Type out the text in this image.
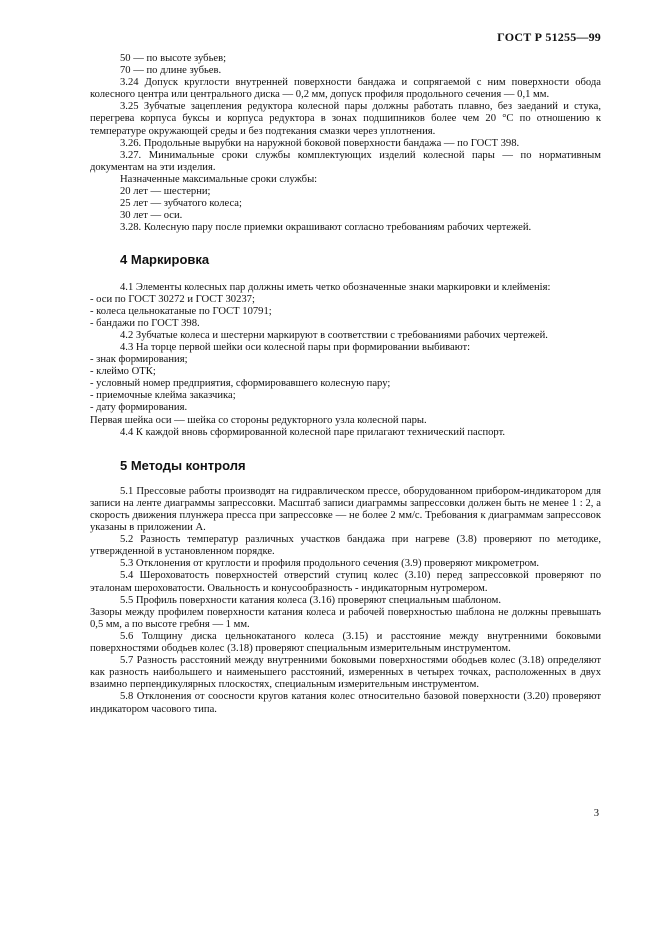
ГОСТ Р 51255—99

50 — по высоте зубьев;

70 — по длине зубьев.

3.24 Допуск круглости внутренней поверхности бандажа и сопрягаемой с ним поверхности обода колесного центра или центрального диска — 0,2 мм, допуск профиля продольного сечения — 0,1 мм.

3.25 Зубчатые зацепления редуктора колесной пары должны работать плавно, без заеданий и стука, перегрева корпуса буксы и корпуса редуктора в зонах подшипников более чем 20 °С по отношению к температуре окружающей среды и без подтекания смазки через уплотнения.

3.26. Продольные вырубки на наружной боковой поверхности бандажа — по ГОСТ 398.

3.27. Минимальные сроки службы комплектующих изделий колесной пары — по нормативным документам на эти изделия.

Назначенные максимальные сроки службы:

20 лет — шестерни;

25 лет — зубчатого колеса;

30 лет — оси.

3.28. Колесную пару после приемки окрашивают согласно требованиям рабочих чертежей.

4 Маркировка

4.1 Элементы колесных пар должны иметь четко обозначенные знаки маркировки и клейменія:

- оси по ГОСТ 30272 и ГОСТ 30237;

- колеса цельнокатаные по ГОСТ 10791;

- бандажи по ГОСТ 398.

4.2 Зубчатые колеса и шестерни маркируют в соответствии с требованиями рабочих чертежей.

4.3 На торце первой шейки оси колесной пары при формировании выбивают:

- знак формирования;

- клеймо ОТК;

- условный номер предприятия, сформировавшего колесную пару;

- приемочные клейма заказчика;

- дату формирования.

Первая шейка оси — шейка со стороны редукторного узла колесной пары.

4.4 К каждой вновь сформированной колесной паре прилагают технический паспорт.

5 Методы контроля

5.1 Прессовые работы производят на гидравлическом прессе, оборудованном прибором-индикатором для записи на ленте диаграммы запрессовки. Масштаб записи диаграммы запрессовки должен быть не менее 1 : 2, а скорость движения плунжера пресса при запрессовке — не более 2 мм/с. Требования к диаграммам запрессовок указаны в приложении А.

5.2 Разность температур различных участков бандажа при нагреве (3.8) проверяют по методике, утвержденной в установленном порядке.

5.3 Отклонения от круглости и профиля продольного сечения (3.9) проверяют микрометром.

5.4 Шероховатость поверхностей отверстий ступиц колес (3.10) перед запрессовкой проверяют по эталонам шероховатости. Овальность и конусообразность - индикаторным нутромером.

5.5 Профиль поверхности катания колеса (3.16) проверяют специальным шаблоном.

Зазоры между профилем поверхности катания колеса и рабочей поверхностью шаблона не должны превышать 0,5 мм, а по высоте гребня — 1 мм.

5.6 Толщину диска цельнокатаного колеса (3.15) и расстояние между внутренними боковыми поверхностями ободьев колес (3.18) проверяют специальным измерительным инструментом.

5.7 Разность расстояний между внутренними боковыми поверхностями ободьев колес (3.18) определяют как разность наибольшего и наименьшего расстояний, измеренных в четырех точках, расположенных в двух взаимно перпендикулярных плоскостях, специальным измерительным инструментом.

5.8 Отклонения от соосности кругов катания колес относительно базовой поверхности (3.20) проверяют индикатором часового типа.

3
